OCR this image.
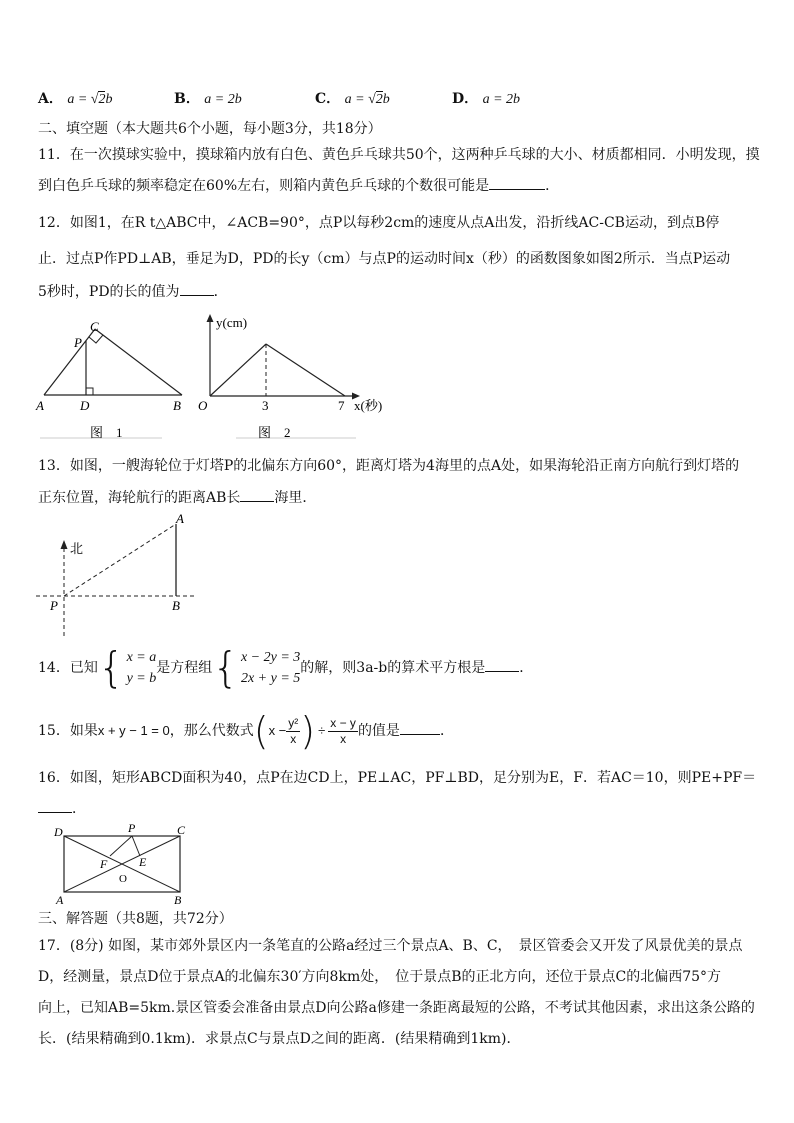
A． a = √2b	B． a = 2b	C． a = √2b	D． a = 2b
二、填空题（本大题共6个小题，每小题3分，共18分）
11．在一次摸球实验中，摸球箱内放有白色、黄色乒乓球共50个，这两种乒乓球的大小、材质都相同．小明发现，摸
到白色乒乓球的频率稳定在60%左右，则箱内黄色乒乓球的个数很可能是	．
12．如图1，在R t△ABC中，∠ACB=90°，点P以每秒2cm的速度从点A出发，沿折线AC-CB运动，到点B停
止．过点P作PD⊥AB，垂足为D，PD的长y（cm）与点P的运动时间x（秒）的函数图象如图2所示．当点P运动
5秒时，PD的长的值为 ．
C
P
A	D	B
图　1
y(cm)
x(秒)
O	3	7
图　2
13．如图，一艘海轮位于灯塔P的北偏东方向60°，距离灯塔为4海里的点A处，如果海轮沿正南方向航行到灯塔的
正东位置，海轮航行的距离AB长 海里．
北
P
A
B
14．已知{ x = a
y = b
是方程组{ x − 2y = 3
2x + y = 5
的解，则3a-b的算术平方根是 ．
15．如果x + y − 1 = 0，那么代数式($x - \frac{\text{y²}}{x}$ ) ÷ $\frac{x - y}{x}$ 的值是	．
16．如图，矩形ABCD面积为40，点P在边CD上，PE⊥AC，PF⊥BD，足分别为E，F．若AC＝10，则PE+PF＝
．
D	P	C
F	E
O
A	B
三、解答题（共8题，共72分）
17．(8分) 如图，某市郊外景区内一条笔直的公路a经过三个景点A、B、C，　景区管委会又开发了风景优美的景点
D，经测量，景点D位于景点A的北偏东30′方向8km处，　位于景点B的正北方向，还位于景点C的北偏西75°方
向上，已知AB=5km.景区管委会准备由景点D向公路a修建一条距离最短的公路，不考试其他因素，求出这条公路的
长．(结果精确到0.1km)．求景点C与景点D之间的距离．(结果精确到1km)．
